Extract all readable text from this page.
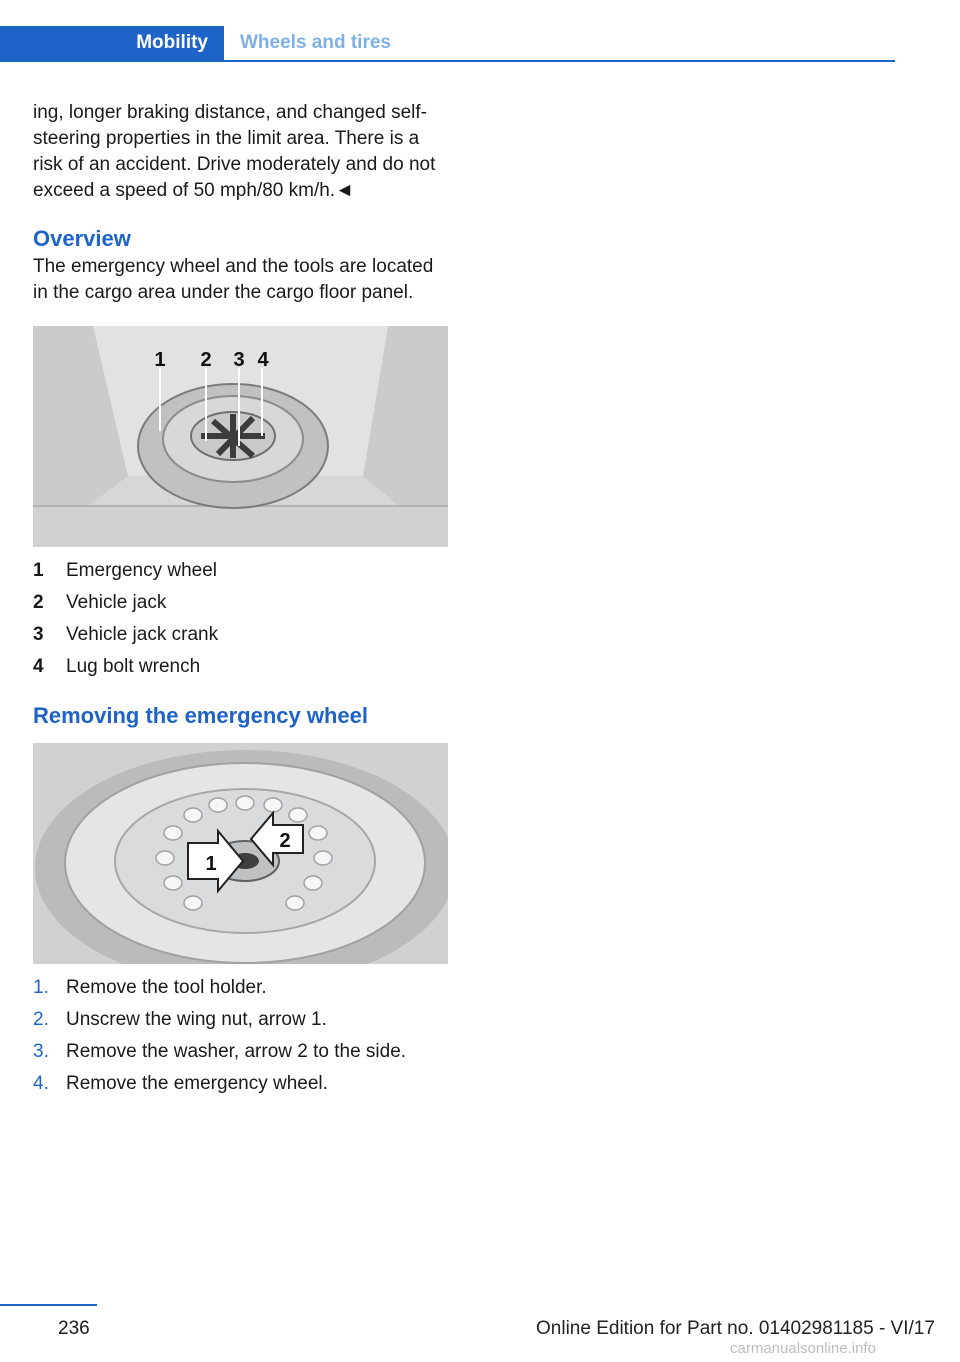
Mobility	Wheels and tires

ing, longer braking distance, and changed self-steering properties in the limit area. There is a risk of an accident. Drive moderately and do not exceed a speed of 50 mph/80 km/h.◄

Overview

The emergency wheel and the tools are located in the cargo area under the cargo floor panel.

1 2 3 4
1 Emergency wheel
2 Vehicle jack
3 Vehicle jack crank
4 Lug bolt wrench
Removing the emergency wheel
1
2
1. Remove the tool holder.
2. Unscrew the wing nut, arrow 1.
3. Remove the washer, arrow 2 to the side.
4. Remove the emergency wheel.
236	Online Edition for Part no. 01402981185 - VI/17
carmanualsonline.info
